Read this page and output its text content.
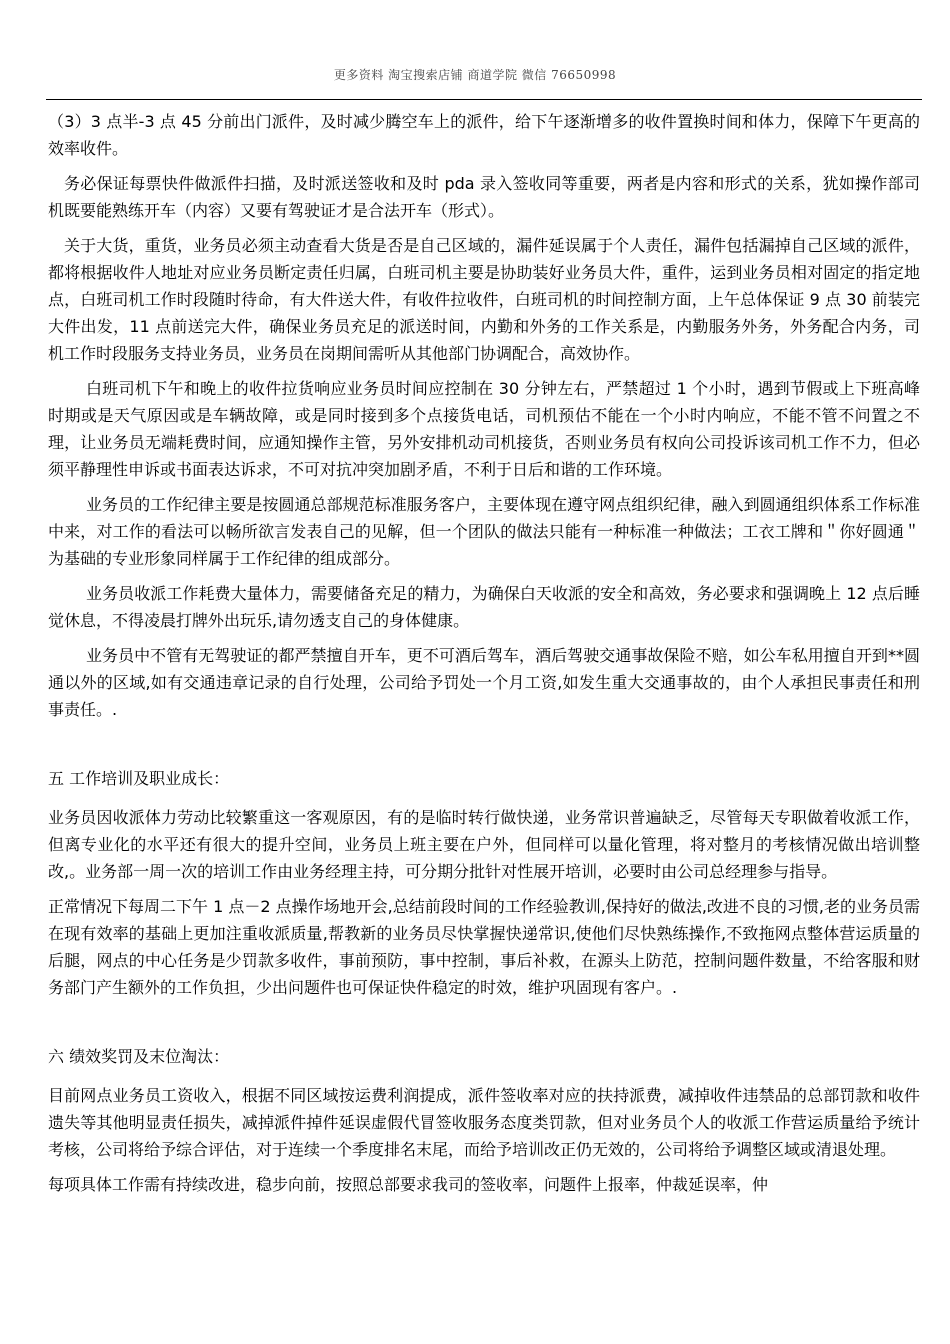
更多资料 淘宝搜索店铺 商道学院 微信 76650998

（3）3 点半-3 点 45 分前出门派件，及时减少腾空车上的派件，给下午逐渐增多的收件置换时间和体力，保障下午更高的效率收件。

务必保证每票快件做派件扫描，及时派送签收和及时 pda 录入签收同等重要，两者是内容和形式的关系，犹如操作部司机既要能熟练开车（内容）又要有驾驶证才是合法开车（形式）。

关于大货，重货，业务员必须主动查看大货是否是自己区域的，漏件延误属于个人责任，漏件包括漏掉自己区域的派件，都将根据收件人地址对应业务员断定责任归属，白班司机主要是协助装好业务员大件，重件，运到业务员相对固定的指定地点，白班司机工作时段随时待命，有大件送大件，有收件拉收件，白班司机的时间控制方面，上午总体保证 9 点 30 前装完大件出发，11 点前送完大件，确保业务员充足的派送时间，内勤和外务的工作关系是，内勤服务外务，外务配合内务，司机工作时段服务支持业务员，业务员在岗期间需听从其他部门协调配合，高效协作。

白班司机下午和晚上的收件拉货响应业务员时间应控制在 30 分钟左右，严禁超过 1 个小时，遇到节假或上下班高峰时期或是天气原因或是车辆故障，或是同时接到多个点接货电话，司机预估不能在一个小时内响应，不能不管不问置之不理，让业务员无端耗费时间，应通知操作主管，另外安排机动司机接货，否则业务员有权向公司投诉该司机工作不力，但必须平静理性申诉或书面表达诉求，不可对抗冲突加剧矛盾，不利于日后和谐的工作环境。

业务员的工作纪律主要是按圆通总部规范标准服务客户，主要体现在遵守网点组织纪律，融入到圆通组织体系工作标准中来，对工作的看法可以畅所欲言发表自己的见解，但一个团队的做法只能有一种标准一种做法；工衣工牌和＂你好圆通＂为基础的专业形象同样属于工作纪律的组成部分。

业务员收派工作耗费大量体力，需要储备充足的精力，为确保白天收派的安全和高效，务必要求和强调晚上 12 点后睡觉休息，不得凌晨打牌外出玩乐,请勿透支自己的身体健康。

业务员中不管有无驾驶证的都严禁擅自开车，更不可酒后驾车，酒后驾驶交通事故保险不赔，如公车私用擅自开到**圆通以外的区域,如有交通违章记录的自行处理，公司给予罚处一个月工资,如发生重大交通事故的，由个人承担民事责任和刑事责任。.

五 工作培训及职业成长：

业务员因收派体力劳动比较繁重这一客观原因，有的是临时转行做快递，业务常识普遍缺乏，尽管每天专职做着收派工作，但离专业化的水平还有很大的提升空间，业务员上班主要在户外，但同样可以量化管理，将对整月的考核情况做出培训整改,。业务部一周一次的培训工作由业务经理主持，可分期分批针对性展开培训，必要时由公司总经理参与指导。

正常情况下每周二下午 1 点－2 点操作场地开会,总结前段时间的工作经验教训,保持好的做法,改进不良的习惯,老的业务员需在现有效率的基础上更加注重收派质量,帮教新的业务员尽快掌握快递常识,使他们尽快熟练操作,不致拖网点整体营运质量的后腿，网点的中心任务是少罚款多收件，事前预防，事中控制，事后补救，在源头上防范，控制问题件数量，不给客服和财务部门产生额外的工作负担，少出问题件也可保证快件稳定的时效，维护巩固现有客户。.

六 绩效奖罚及末位淘汰：

目前网点业务员工资收入，根据不同区域按运费利润提成，派件签收率对应的扶持派费，减掉收件违禁品的总部罚款和收件遗失等其他明显责任损失，减掉派件掉件延误虚假代冒签收服务态度类罚款，但对业务员个人的收派工作营运质量给予统计考核，公司将给予综合评估，对于连续一个季度排名末尾，而给予培训改正仍无效的，公司将给予调整区域或清退处理。

每项具体工作需有持续改进，稳步向前，按照总部要求我司的签收率，问题件上报率，仲裁延误率，仲
